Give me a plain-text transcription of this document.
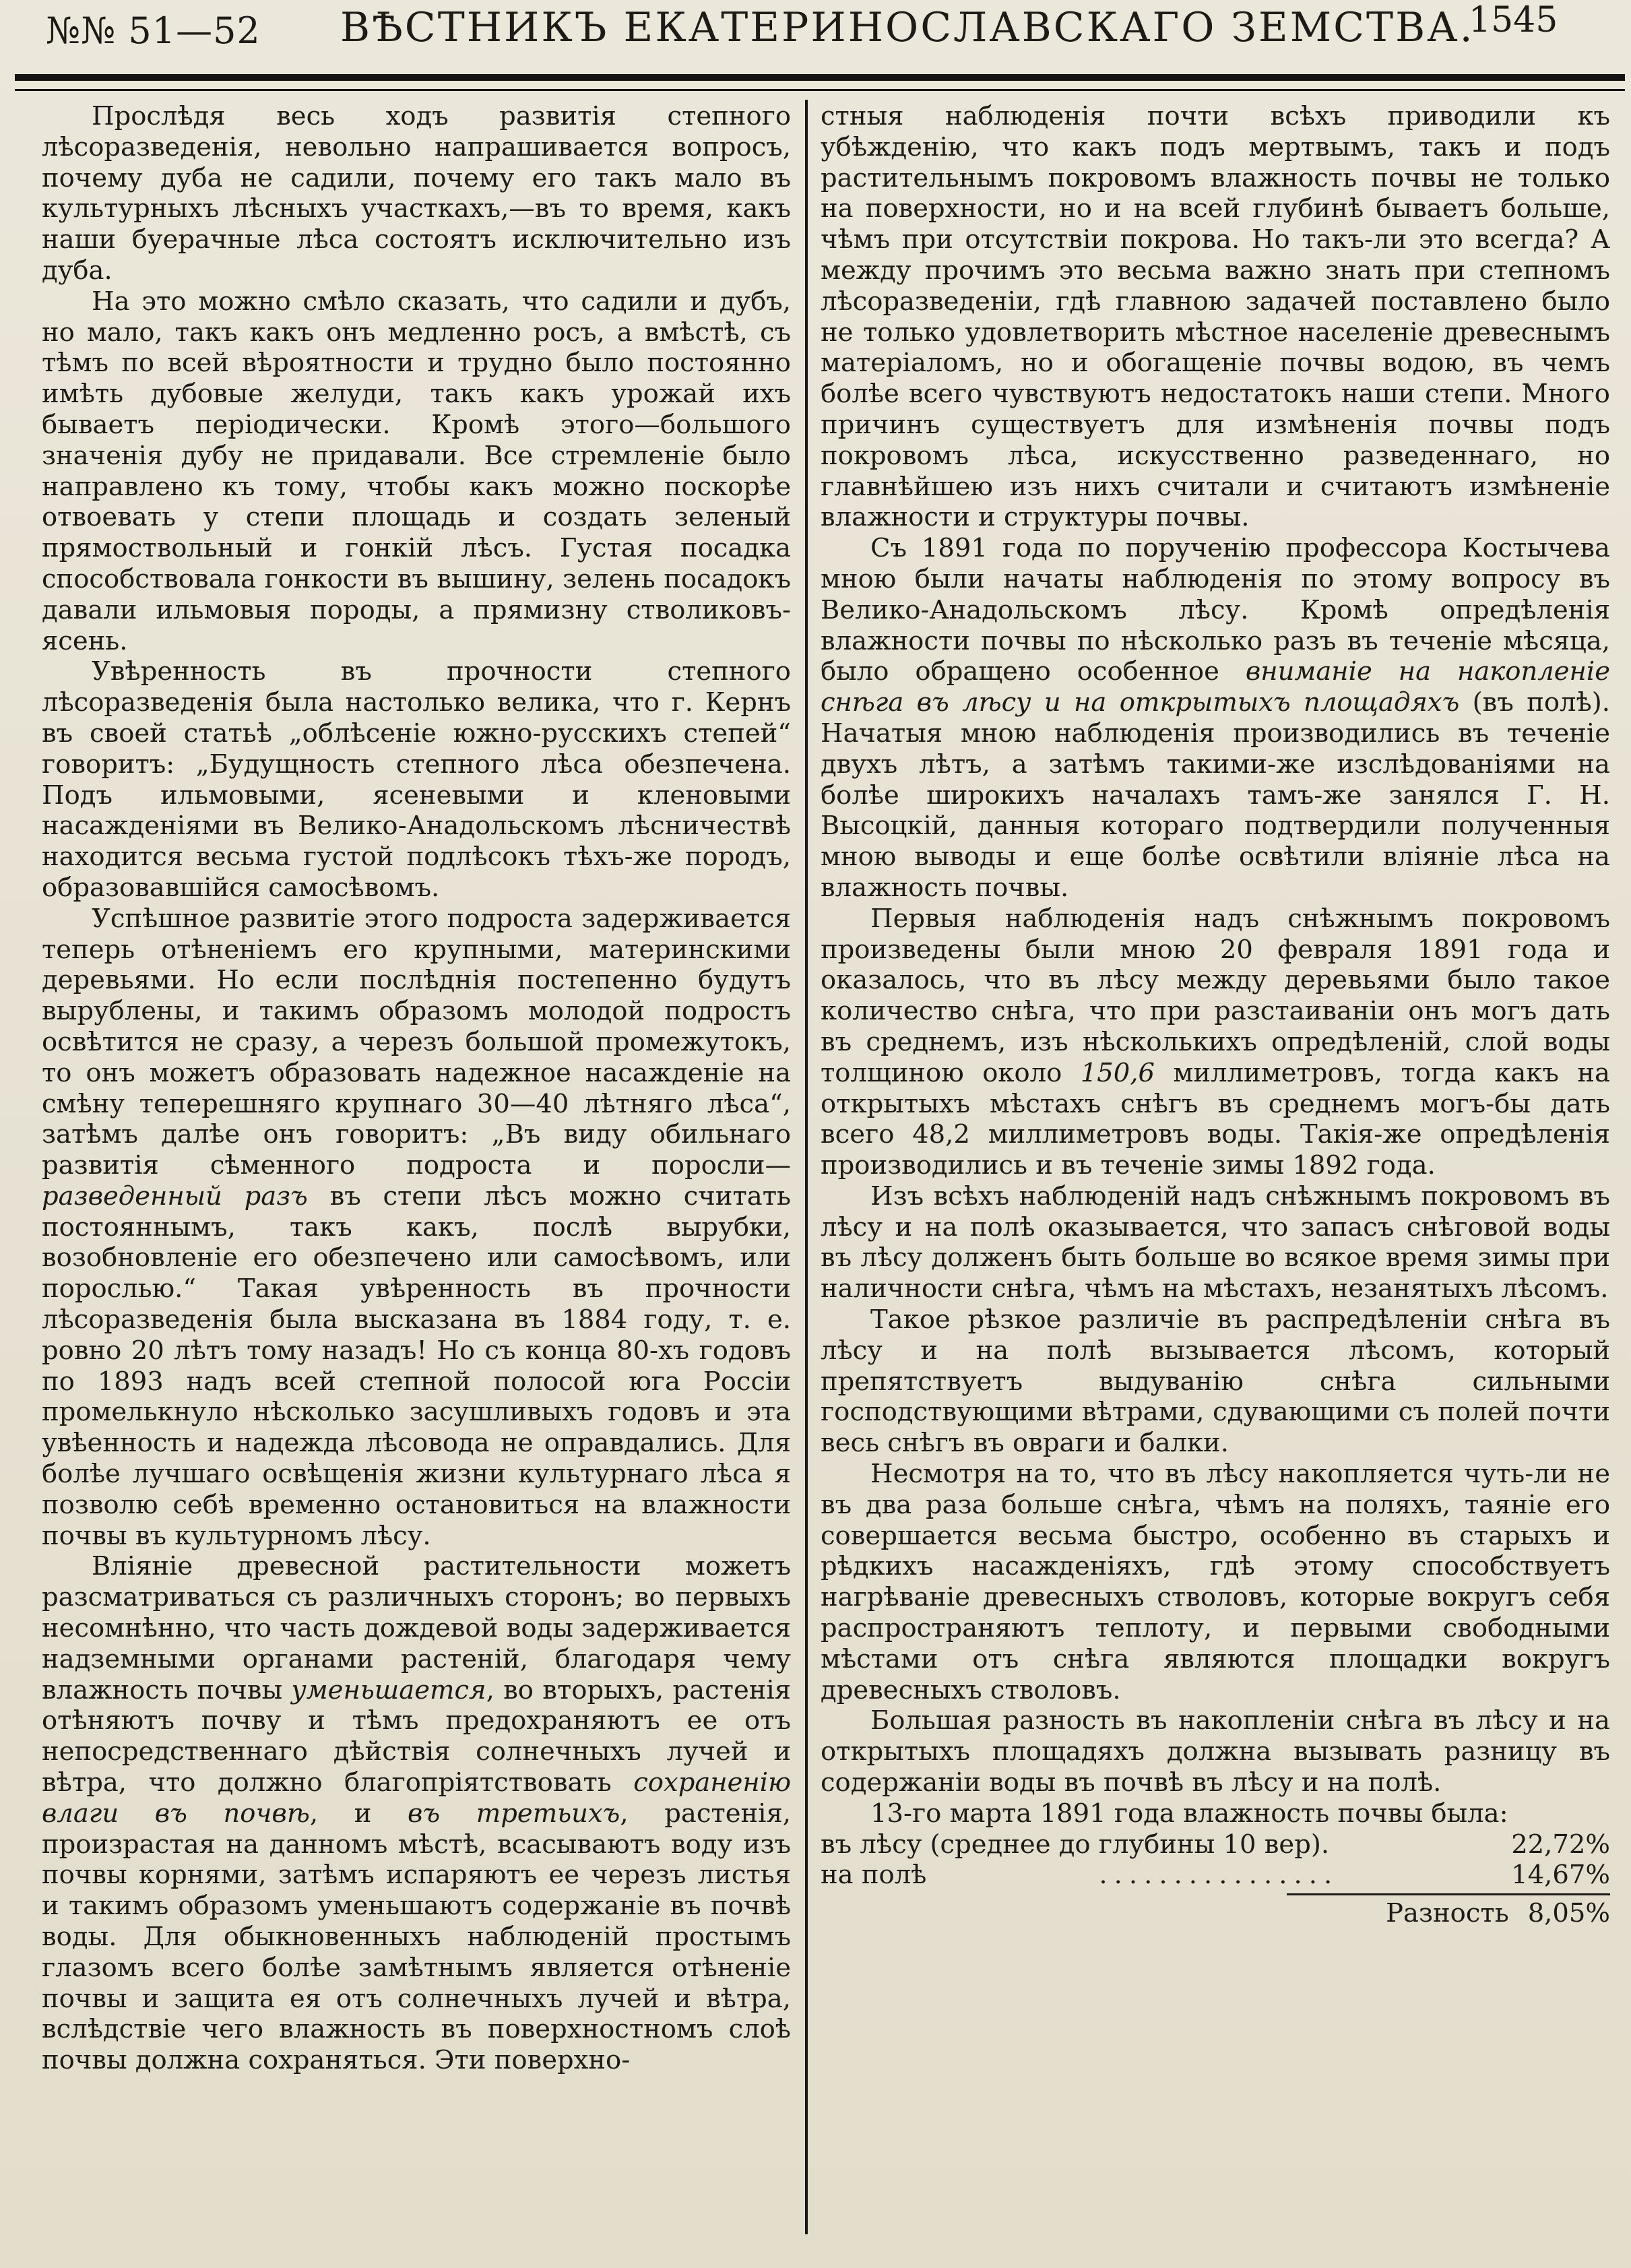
№№ 51—52 ВѢСТНИКЪ ЕКАТЕРИНОСЛАВСКАГО ЗЕМСТВА.
1545

Прослѣдя весь ходъ развитія степного лѣсоразведенія, невольно напрашивается вопросъ, почему дуба не садили, почему его такъ мало въ культурныхъ лѣсныхъ участкахъ,—въ то время, какъ наши буерачные лѣса состоятъ исключительно изъ дуба.

На это можно смѣло сказать, что садили и дубъ, но мало, такъ какъ онъ медленно росъ, а вмѣстѣ, съ тѣмъ по всей вѣроятности и трудно было постоянно имѣть дубовые желуди, такъ какъ урожай ихъ бываетъ періодически. Кромѣ этого—большого значенія дубу не придавали. Все стремленіе было направлено къ тому, чтобы какъ можно поскорѣе отвоевать у степи площадь и создать зеленый прямоствольный и гонкій лѣсъ. Густая посадка способствовала гонкости въ вышину, зелень посадокъ давали ильмовыя породы, а прямизну стволиковъ-ясень.

Увѣренность въ прочности степного лѣсоразведенія была настолько велика, что г. Кернъ въ своей статьѣ „облѣсеніе южно-русскихъ степей“ говоритъ: „Будущность степного лѣса обезпечена. Подъ ильмовыми, ясеневыми и кленовыми насажденіями въ Велико-Анадольскомъ лѣсничествѣ находится весьма густой подлѣсокъ тѣхъ-же породъ, образовавшійся самосѣвомъ.

Успѣшное развитіе этого подроста задерживается теперь отѣненіемъ его крупными, материнскими деревьями. Но если послѣднія постепенно будутъ вырублены, и такимъ образомъ молодой подростъ освѣтится не сразу, а черезъ большой промежутокъ, то онъ можетъ образовать надежное насажденіе на смѣну теперешняго крупнаго 30—40 лѣтняго лѣса“, затѣмъ далѣе онъ говоритъ: „Въ виду обильнаго развитія сѣменного подроста и поросли—разведенный разъ въ степи лѣсъ можно считать постояннымъ, такъ какъ, послѣ вырубки, возобновленіе его обезпечено или самосѣвомъ, или порослью.“ Такая увѣренность въ прочности лѣсоразведенія была высказана въ 1884 году, т. е. ровно 20 лѣтъ тому назадъ! Но съ конца 80-хъ годовъ по 1893 надъ всей степной полосой юга Россіи промелькнуло нѣсколько засушливыхъ годовъ и эта увѣенность и надежда лѣсовода не оправдались. Для болѣе лучшаго освѣщенія жизни культурнаго лѣса я позволю себѣ временно остановиться на влажности почвы въ культурномъ лѣсу.

Вліяніе древесной растительности можетъ разсматриваться съ различныхъ сторонъ; во первыхъ несомнѣнно, что часть дождевой воды задерживается надземными органами растеній, благодаря чему влажность почвы уменьшается, во вторыхъ, растенія отѣняютъ почву и тѣмъ предохраняютъ ее отъ непосредственнаго дѣйствія солнечныхъ лучей и вѣтра, что должно благопріятствовать сохраненію влаги въ почвѣ, и въ третьихъ, растенія, произрастая на данномъ мѣстѣ, всасываютъ воду изъ почвы корнями, затѣмъ испаряютъ ее черезъ листья и такимъ образомъ уменьшаютъ содержаніе въ почвѣ воды. Для обыкновенныхъ наблюденій простымъ глазомъ всего болѣе замѣтнымъ является отѣненіе почвы и защита ея отъ солнечныхъ лучей и вѣтра, вслѣдствіе чего влажность въ поверхностномъ слоѣ почвы должна сохраняться. Эти поверхно-

стныя наблюденія почти всѣхъ приводили къ убѣжденію, что какъ подъ мертвымъ, такъ и подъ растительнымъ покровомъ влажность почвы не только на поверхности, но и на всей глубинѣ бываетъ больше, чѣмъ при отсутствіи покрова. Но такъ-ли это всегда? А между прочимъ это весьма важно знать при степномъ лѣсоразведеніи, гдѣ главною задачей поставлено было не только удовлетворить мѣстное населеніе древеснымъ матеріаломъ, но и обогащеніе почвы водою, въ чемъ болѣе всего чувствуютъ недостатокъ наши степи. Много причинъ существуетъ для измѣненія почвы подъ покровомъ лѣса, искусственно разведеннаго, но главнѣйшею изъ нихъ считали и считаютъ измѣненіе влажности и структуры почвы.

Съ 1891 года по порученію профессора Костычева мною были начаты наблюденія по этому вопросу въ Велико-Анадольскомъ лѣсу. Кромѣ опредѣленія влажности почвы по нѣсколько разъ въ теченіе мѣсяца, было обращено особенное вниманіе на накопленіе снѣга въ лѣсу и на открытыхъ площадяхъ (въ полѣ). Начатыя мною наблюденія производились въ теченіе двухъ лѣтъ, а затѣмъ такими-же изслѣдованіями на болѣе широкихъ началахъ тамъ-же занялся Г. Н. Высоцкій, данныя котораго подтвердили полученныя мною выводы и еще болѣе освѣтили вліяніе лѣса на влажность почвы.

Первыя наблюденія надъ снѣжнымъ покровомъ произведены были мною 20 февраля 1891 года и оказалось, что въ лѣсу между деревьями было такое количество снѣга, что при разстаиваніи онъ могъ дать въ среднемъ, изъ нѣсколькихъ опредѣленій, слой воды толщиною около 150,6 миллиметровъ, тогда какъ на открытыхъ мѣстахъ снѣгъ въ среднемъ могъ-бы дать всего 48,2 миллиметровъ воды. Такія-же опредѣленія производились и въ теченіе зимы 1892 года.

Изъ всѣхъ наблюденій надъ снѣжнымъ покровомъ въ лѣсу и на полѣ оказывается, что запасъ снѣговой воды въ лѣсу долженъ быть больше во всякое время зимы при наличности снѣга, чѣмъ на мѣстахъ, незанятыхъ лѣсомъ.

Такое рѣзкое различіе въ распредѣленіи снѣга въ лѣсу и на полѣ вызывается лѣсомъ, который препятствуетъ выдуванію снѣга сильными господствующими вѣтрами, сдувающими съ полей почти весь снѣгъ въ овраги и балки.

Несмотря на то, что въ лѣсу накопляется чуть-ли не въ два раза больше снѣга, чѣмъ на поляхъ, таяніе его совершается весьма быстро, особенно въ старыхъ и рѣдкихъ насажденіяхъ, гдѣ этому способствуетъ нагрѣваніе древесныхъ стволовъ, которые вокругъ себя распространяютъ теплоту, и первыми свободными мѣстами отъ снѣга являются площадки вокругъ древесныхъ стволовъ.

Большая разность въ накопленіи снѣга въ лѣсу и на открытыхъ площадяхъ должна вызывать разницу въ содержаніи воды въ почвѣ въ лѣсу и на полѣ.

13-го марта 1891 года влажность почвы была:
въ лѣсу (среднее до глубины 10 вер).	22,72%
на полѣ	................	14,67%
Разность 8,05%
